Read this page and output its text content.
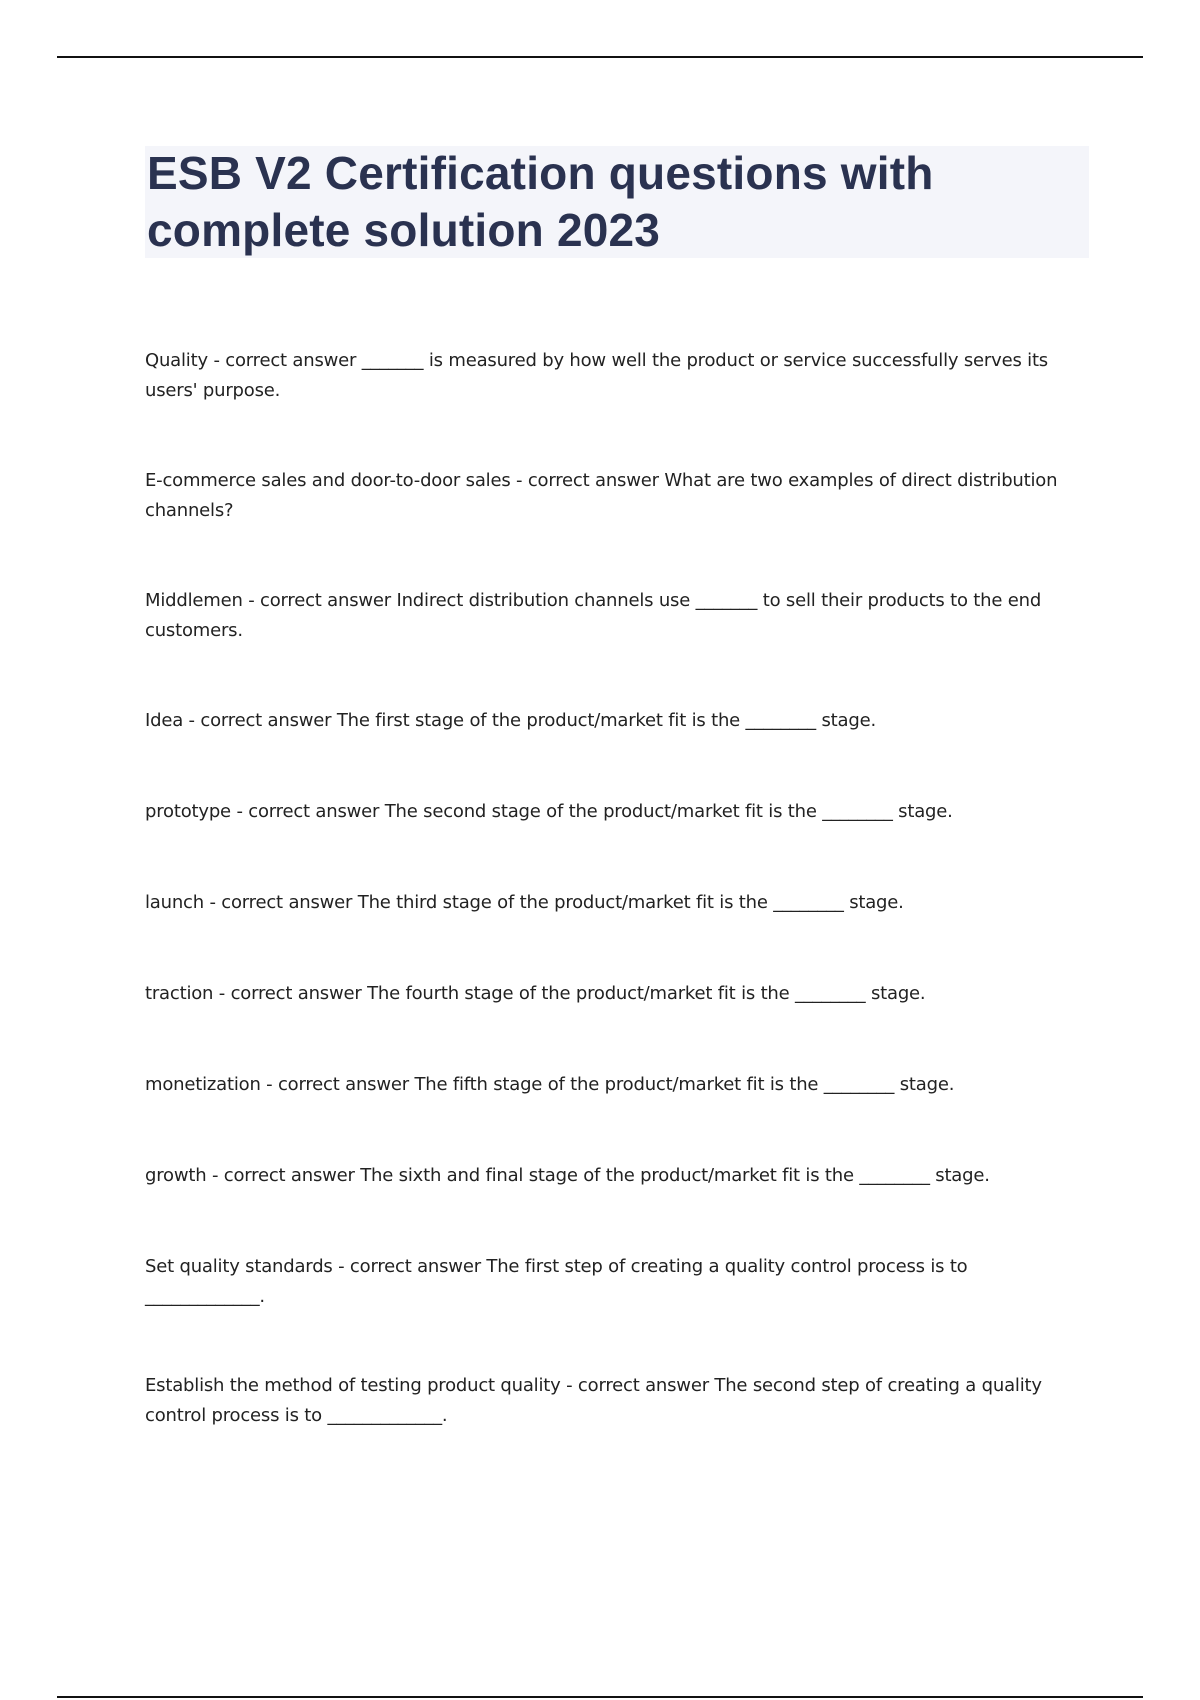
ESB V2 Certification questions with complete solution 2023

Quality - correct answer _______ is measured by how well the product or service successfully serves its users' purpose.

E-commerce sales and door-to-door sales - correct answer What are two examples of direct distribution channels?

Middlemen - correct answer Indirect distribution channels use _______ to sell their products to the end customers.

Idea - correct answer The first stage of the product/market fit is the ________ stage.

prototype - correct answer The second stage of the product/market fit is the ________ stage.

launch - correct answer The third stage of the product/market fit is the ________ stage.

traction - correct answer The fourth stage of the product/market fit is the ________ stage.

monetization - correct answer The fifth stage of the product/market fit is the ________ stage.

growth - correct answer The sixth and final stage of the product/market fit is the ________ stage.

Set quality standards - correct answer The first step of creating a quality control process is to _____________.

Establish the method of testing product quality - correct answer The second step of creating a quality control process is to _____________.
